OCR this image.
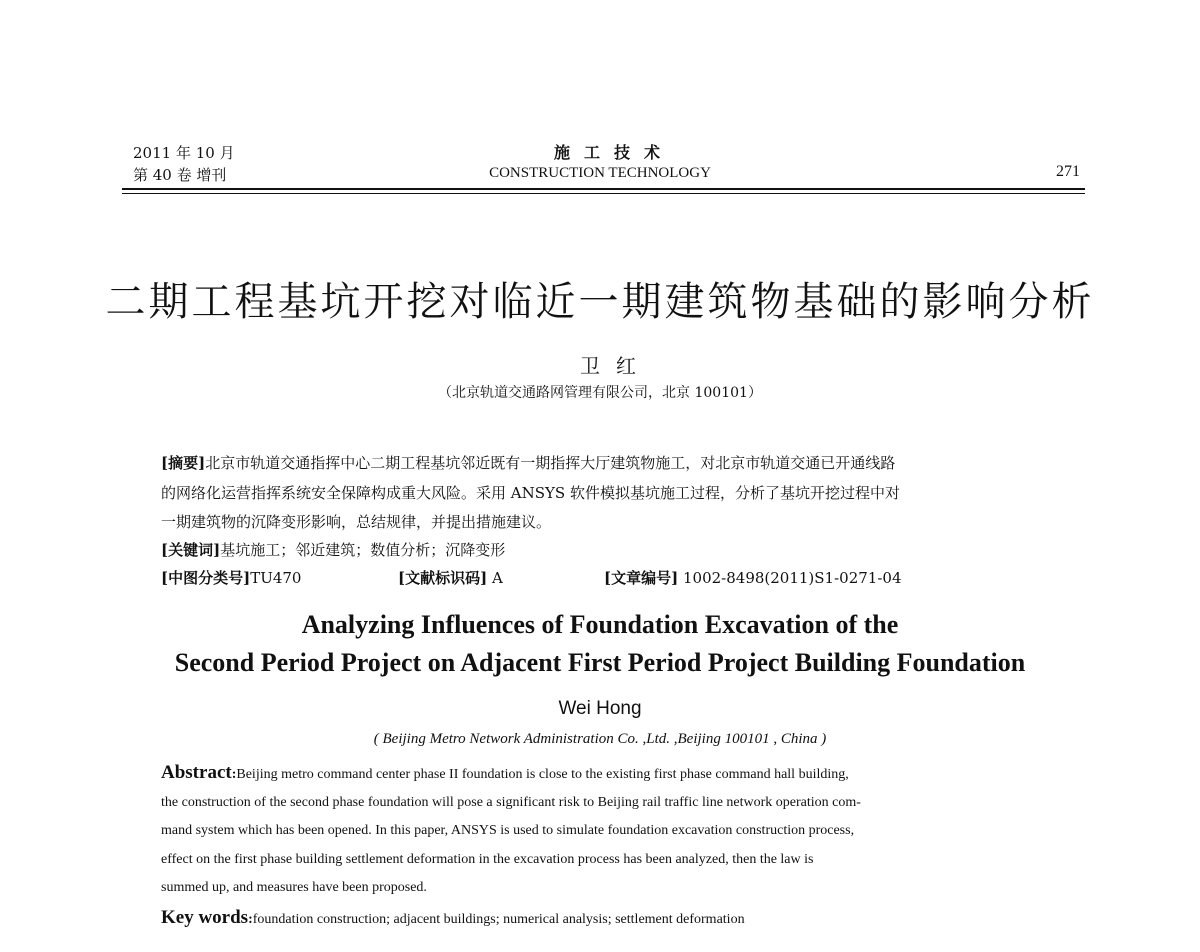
2011 年 10 月
第 40 卷 增刊
施工技术
CONSTRUCTION TECHNOLOGY	271
二期工程基坑开挖对临近一期建筑物基础的影响分析
卫红
（北京轨道交通路网管理有限公司，北京 100101）
[摘要]北京市轨道交通指挥中心二期工程基坑邻近既有一期指挥大厅建筑物施工，对北京市轨道交通已开通线路
的网络化运营指挥系统安全保障构成重大风险。采用 ANSYS 软件模拟基坑施工过程，分析了基坑开挖过程中对
一期建筑物的沉降变形影响，总结规律，并提出措施建议。
[关键词]基坑施工；邻近建筑；数值分析；沉降变形
[中图分类号]TU470	[文献标识码] A	[文章编号] 1002-8498(2011)S1-0271-04
Analyzing Influences of Foundation Excavation of the
Second Period Project on Adjacent First Period Project Building Foundation
Wei Hong
( Beijing Metro Network Administration Co. ,Ltd. ,Beijing 100101 , China )
Abstract:Beijing metro command center phase II foundation is close to the existing first phase command hall building,
the construction of the second phase foundation will pose a significant risk to Beijing rail traffic line network operation com-
mand system which has been opened. In this paper, ANSYS is used to simulate foundation excavation construction process,
effect on the first phase building settlement deformation in the excavation process has been analyzed, then the law is
summed up, and measures have been proposed.
Key words:foundation construction; adjacent buildings; numerical analysis; settlement deformation
